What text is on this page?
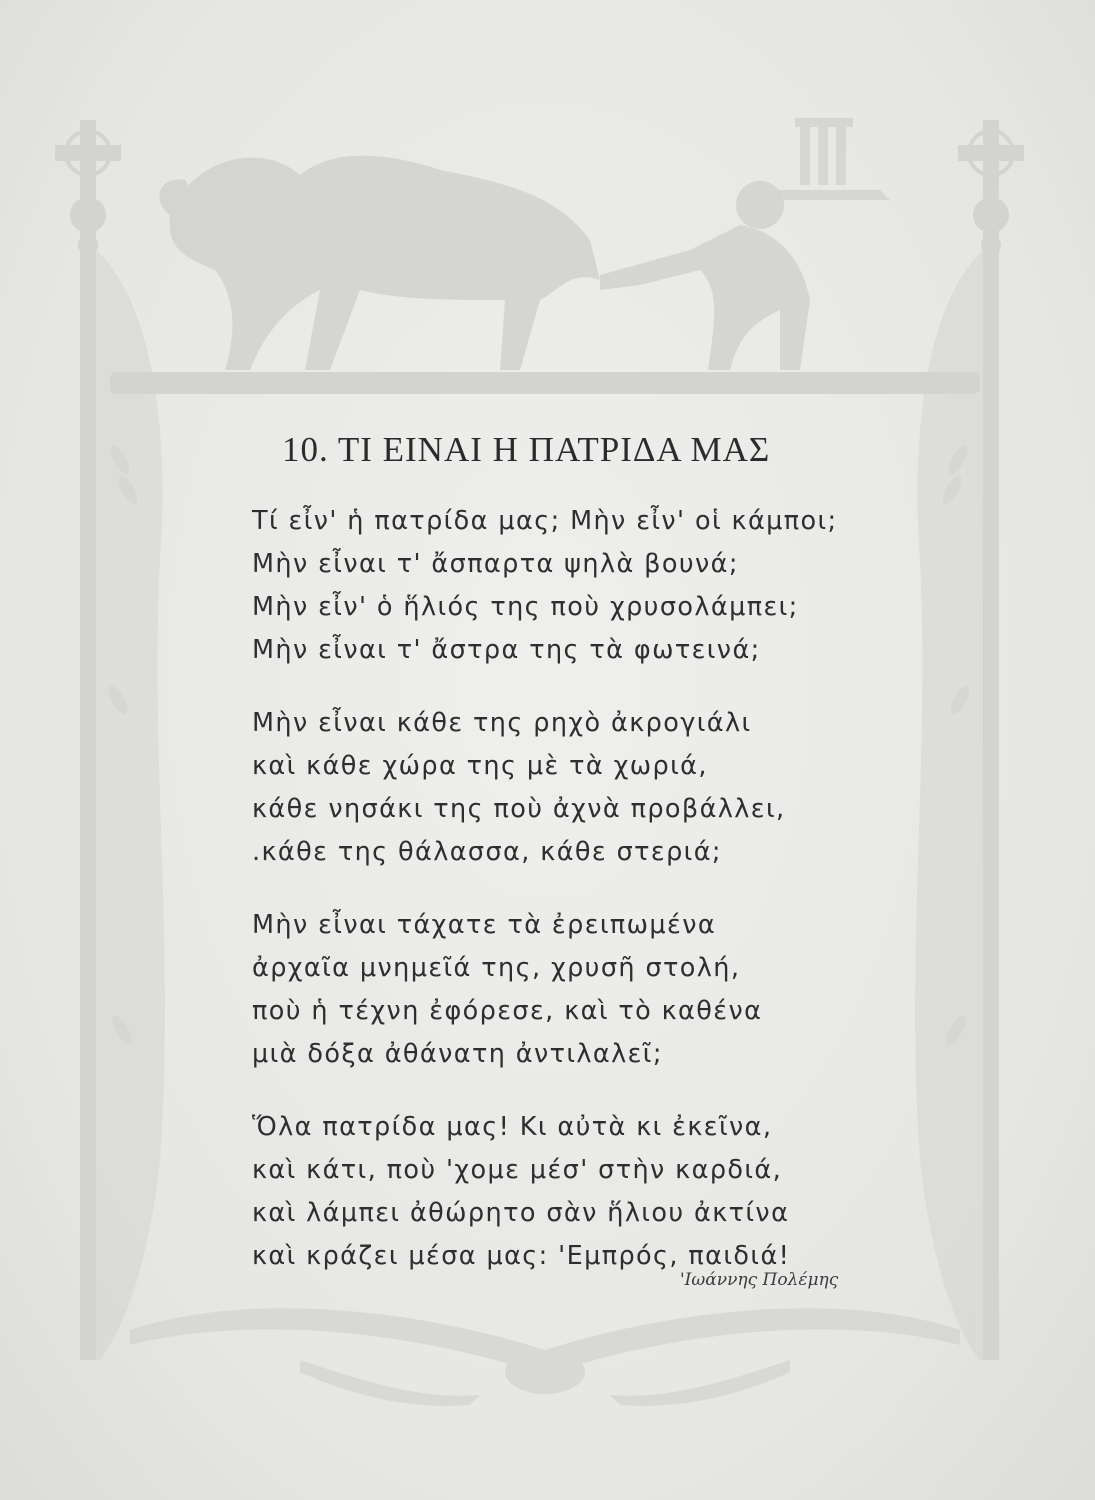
10. ΤΙ ΕΙΝΑΙ Η ΠΑΤΡΙΔΑ ΜΑΣ
Τί εἶν' ἡ πατρίδα μας; Μὴν εἶν' οἱ κάμποι;
Μὴν εἶναι τ' ἄσπαρτα ψηλὰ βουνά;
Μὴν εἶν' ὁ ἥλιός της ποὺ χρυσολάμπει;
Μὴν εἶναι τ' ἄστρα της τὰ φωτεινά;
Μὴν εἶναι κάθε της ρηχὸ ἀκρογιάλι
καὶ κάθε χώρα της μὲ τὰ χωριά,
κάθε νησάκι της ποὺ ἀχνὰ προβάλλει,
.κάθε της θάλασσα, κάθε στεριά;
Μὴν εἶναι τάχατε τὰ ἐρειπωμένα
ἀρχαῖα μνημεῖά της, χρυσῆ στολή,
ποὺ ἡ τέχνη ἐφόρεσε, καὶ τὸ καθένα
μιὰ δόξα ἀθάνατη ἀντιλαλεῖ;
Ὅλα πατρίδα μας! Κι αὐτὰ κι ἐκεῖνα,
καὶ κάτι, ποὺ 'χομε μέσ' στὴν καρδιά,
καὶ λάμπει ἀθώρητο σὰν ἥλιου ἀκτίνα
καὶ κράζει μέσα μας: 'Εμπρός, παιδιά!
'Ιωάννης Πολέμης
